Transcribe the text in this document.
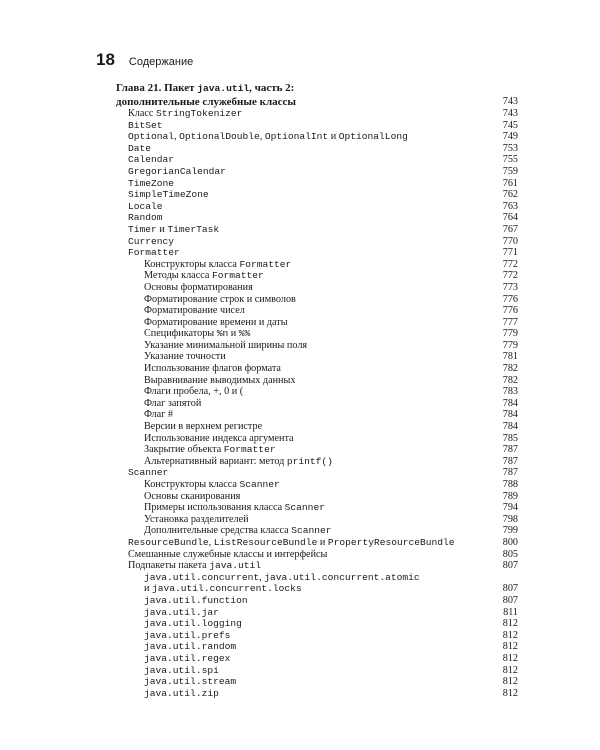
18 Содержание
Глава 21. Пакет java.util, часть 2:
дополнительные служебные классы	743
Класс StringTokenizer	743
BitSet	745
Optional, OptionalDouble, OptionalInt и OptionalLong	749
Date	753
Calendar	755
GregorianCalendar	759
TimeZone	761
SimpleTimeZone	762
Locale	763
Random	764
Timer и TimerTask	767
Currency	770
Formatter	771
Конструкторы класса Formatter	772
Методы класса Formatter	772
Основы форматирования	773
Форматирование строк и символов	776
Форматирование чисел	776
Форматирование времени и даты	777
Спецификаторы %n и %%	779
Указание минимальной ширины поля	779
Указание точности	781
Использование флагов формата	782
Выравнивание выводимых данных	782
Флаги пробела, +, 0 и (	783
Флаг запятой	784
Флаг #	784
Версии в верхнем регистре	784
Использование индекса аргумента	785
Закрытие объекта Formatter	787
Альтернативный вариант: метод printf()	787
Scanner	787
Конструкторы класса Scanner	788
Основы сканирования	789
Примеры использования класса Scanner	794
Установка разделителей	798
Дополнительные средства класса Scanner	799
ResourceBundle, ListResourceBundle и PropertyResourceBundle	800
Смешанные служебные классы и интерфейсы	805
Подпакеты пакета java.util	807
java.util.concurrent, java.util.concurrent.atomic
и java.util.concurrent.locks	807
java.util.function	807
java.util.jar	811
java.util.logging	812
java.util.prefs	812
java.util.random	812
java.util.regex	812
java.util.spi	812
java.util.stream	812
java.util.zip	812
